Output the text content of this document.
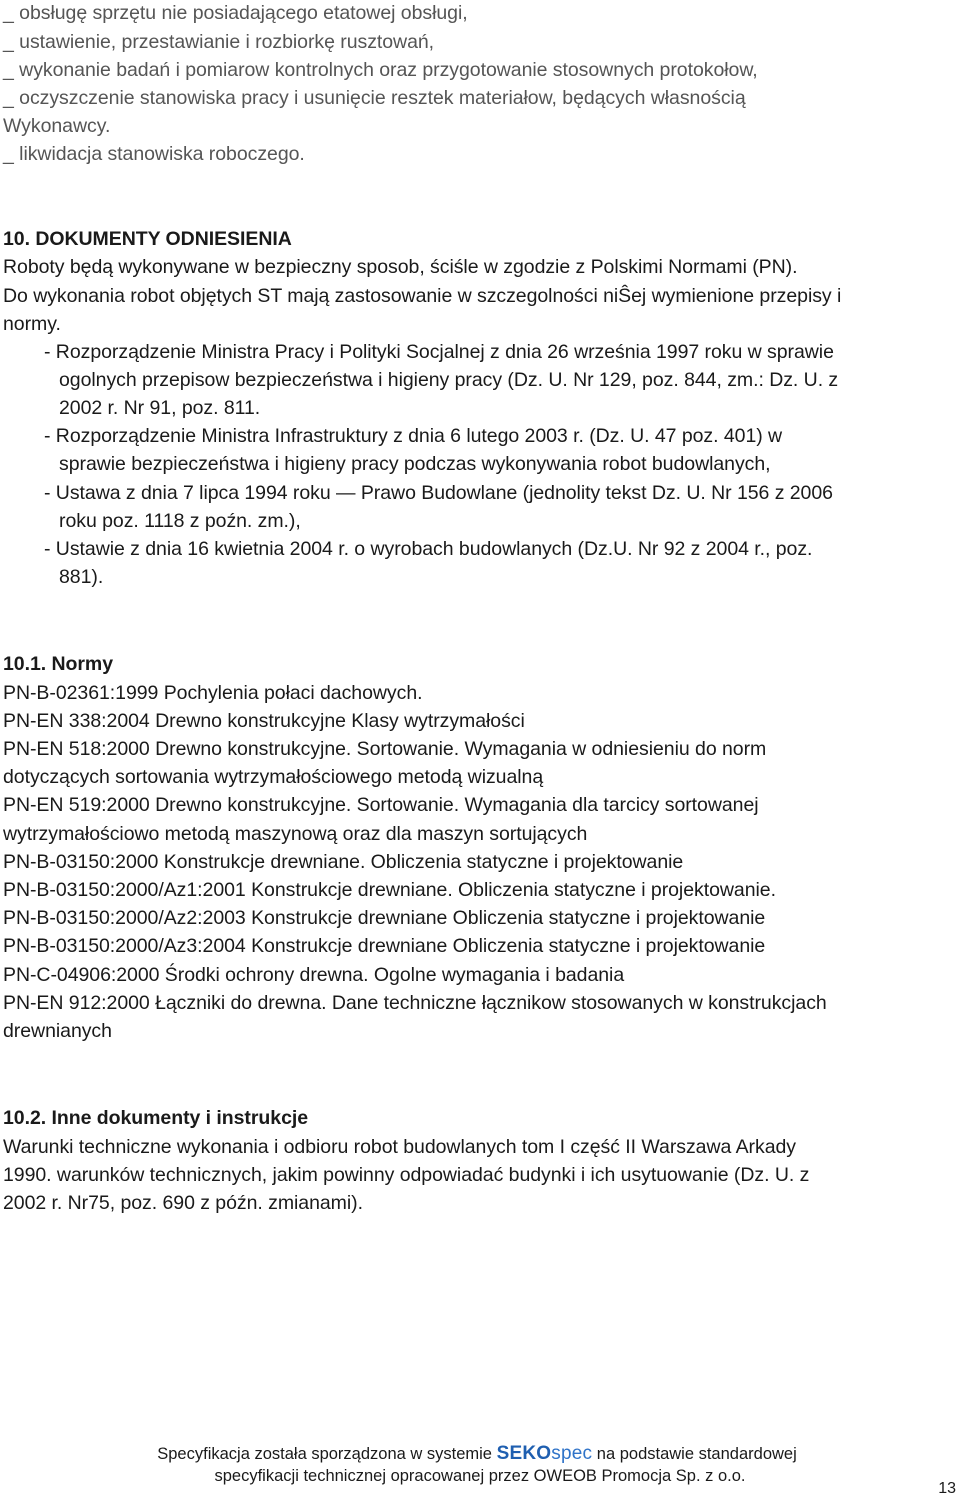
_ obsługę sprzętu nie posiadającego etatowej obsługi,
_ ustawienie, przestawianie i rozbiorkę rusztowań,
_ wykonanie badań i pomiarow kontrolnych oraz przygotowanie stosownych protokołow,
_ oczyszczenie stanowiska pracy i usunięcie resztek materiałow, będących własnością
Wykonawcy.
_ likwidacja stanowiska roboczego.
10. DOKUMENTY ODNIESIENIA
Roboty będą wykonywane w bezpieczny sposob, ściśle w zgodzie z Polskimi Normami (PN).
Do wykonania robot objętych ST mają zastosowanie w szczegolności niŜej wymienione przepisy i
normy.
- Rozporządzenie Ministra Pracy i Polityki Socjalnej z dnia 26 września 1997 roku w sprawie
ogolnych przepisow bezpieczeństwa i higieny pracy (Dz. U. Nr 129, poz. 844, zm.: Dz. U. z
2002 r. Nr 91, poz. 811.
- Rozporządzenie Ministra Infrastruktury z dnia 6 lutego 2003 r. (Dz. U. 47 poz. 401) w
sprawie bezpieczeństwa i higieny pracy podczas wykonywania robot budowlanych,
- Ustawa z dnia 7 lipca 1994 roku — Prawo Budowlane (jednolity tekst Dz. U. Nr 156 z 2006
roku poz. 1118 z poźn. zm.),
- Ustawie z dnia 16 kwietnia 2004 r. o wyrobach budowlanych (Dz.U. Nr 92 z 2004 r., poz.
881).
10.1. Normy
PN-B-02361:1999 Pochylenia połaci dachowych.
PN-EN 338:2004 Drewno konstrukcyjne Klasy wytrzymałości
PN-EN 518:2000 Drewno konstrukcyjne. Sortowanie. Wymagania w odniesieniu do norm
dotyczących sortowania wytrzymałościowego metodą wizualną
PN-EN 519:2000 Drewno konstrukcyjne. Sortowanie. Wymagania dla tarcicy sortowanej
wytrzymałościowo metodą maszynową oraz dla maszyn sortujących
PN-B-03150:2000 Konstrukcje drewniane. Obliczenia statyczne i projektowanie
PN-B-03150:2000/Az1:2001 Konstrukcje drewniane. Obliczenia statyczne i projektowanie.
PN-B-03150:2000/Az2:2003 Konstrukcje drewniane Obliczenia statyczne i projektowanie
PN-B-03150:2000/Az3:2004 Konstrukcje drewniane Obliczenia statyczne i projektowanie
PN-C-04906:2000 Środki ochrony drewna. Ogolne wymagania i badania
PN-EN 912:2000 Łączniki do drewna. Dane techniczne łącznikow stosowanych w konstrukcjach
drewnianych
10.2. Inne dokumenty i instrukcje
Warunki techniczne wykonania i odbioru robot budowlanych tom I część II Warszawa Arkady
1990. warunków technicznych, jakim powinny odpowiadać budynki i ich usytuowanie (Dz. U. z
2002 r. Nr75, poz. 690 z późn. zmianami).
Specyfikacja została sporządzona w systemie SEKOspec na podstawie standardowej
specyfikacji technicznej opracowanej przez OWEOB Promocja Sp. z o.o.
13
